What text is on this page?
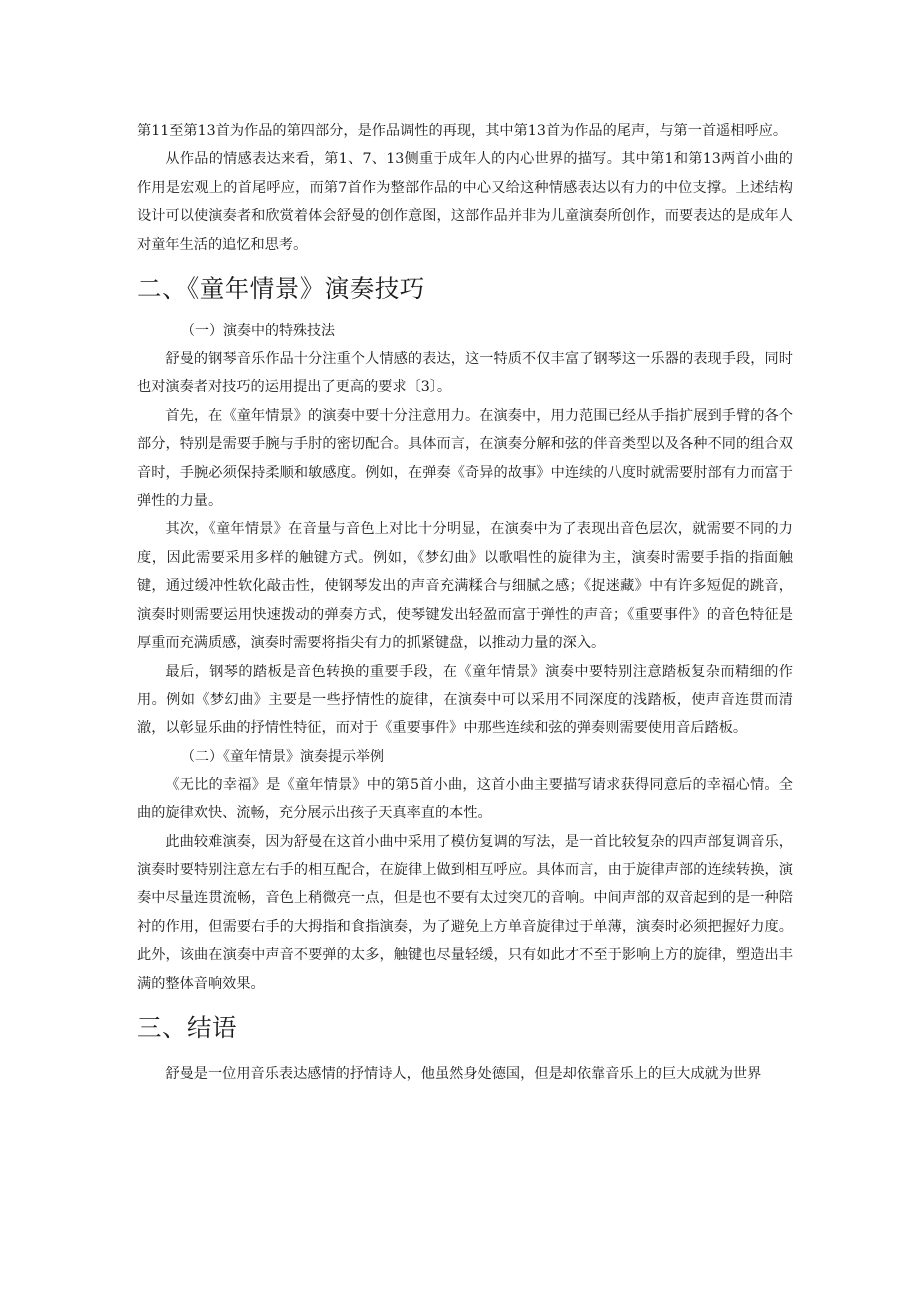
第11至第13首为作品的第四部分，是作品调性的再现，其中第13首为作品的尾声，与第一首遥相呼应。

从作品的情感表达来看，第1、7、13侧重于成年人的内心世界的描写。其中第1和第13两首小曲的作用是宏观上的首尾呼应，而第7首作为整部作品的中心又给这种情感表达以有力的中位支撑。上述结构设计可以使演奏者和欣赏着体会舒曼的创作意图，这部作品并非为儿童演奏所创作，而要表达的是成年人对童年生活的追忆和思考。

二、《童年情景》演奏技巧

（一）演奏中的特殊技法

舒曼的钢琴音乐作品十分注重个人情感的表达，这一特质不仅丰富了钢琴这一乐器的表现手段，同时也对演奏者对技巧的运用提出了更高的要求〔3〕。

首先，在《童年情景》的演奏中要十分注意用力。在演奏中，用力范围已经从手指扩展到手臂的各个部分，特别是需要手腕与手肘的密切配合。具体而言，在演奏分解和弦的伴音类型以及各种不同的组合双音时，手腕必须保持柔顺和敏感度。例如，在弹奏《奇异的故事》中连续的八度时就需要肘部有力而富于弹性的力量。

其次，《童年情景》在音量与音色上对比十分明显，在演奏中为了表现出音色层次，就需要不同的力度，因此需要采用多样的触键方式。例如，《梦幻曲》以歌唱性的旋律为主，演奏时需要手指的指面触键，通过缓冲性软化敲击性，使钢琴发出的声音充满糅合与细腻之感；《捉迷藏》中有许多短促的跳音，演奏时则需要运用快速拨动的弹奏方式，使琴键发出轻盈而富于弹性的声音；《重要事件》的音色特征是厚重而充满质感，演奏时需要将指尖有力的抓紧键盘，以推动力量的深入。

最后，钢琴的踏板是音色转换的重要手段，在《童年情景》演奏中要特别注意踏板复杂而精细的作用。例如《梦幻曲》主要是一些抒情性的旋律，在演奏中可以采用不同深度的浅踏板，使声音连贯而清澈，以彰显乐曲的抒情性特征，而对于《重要事件》中那些连续和弦的弹奏则需要使用音后踏板。

（二）《童年情景》演奏提示举例

《无比的幸福》是《童年情景》中的第5首小曲，这首小曲主要描写请求获得同意后的幸福心情。全曲的旋律欢快、流畅，充分展示出孩子天真率直的本性。

此曲较难演奏，因为舒曼在这首小曲中采用了模仿复调的写法，是一首比较复杂的四声部复调音乐，演奏时要特别注意左右手的相互配合，在旋律上做到相互呼应。具体而言，由于旋律声部的连续转换，演奏中尽量连贯流畅，音色上稍微亮一点，但是也不要有太过突兀的音响。中间声部的双音起到的是一种陪衬的作用，但需要右手的大拇指和食指演奏，为了避免上方单音旋律过于单薄，演奏时必须把握好力度。此外，该曲在演奏中声音不要弹的太多，触键也尽量轻缓，只有如此才不至于影响上方的旋律，塑造出丰满的整体音响效果。

三、结语

舒曼是一位用音乐表达感情的抒情诗人，他虽然身处德国，但是却依靠音乐上的巨大成就为世界
